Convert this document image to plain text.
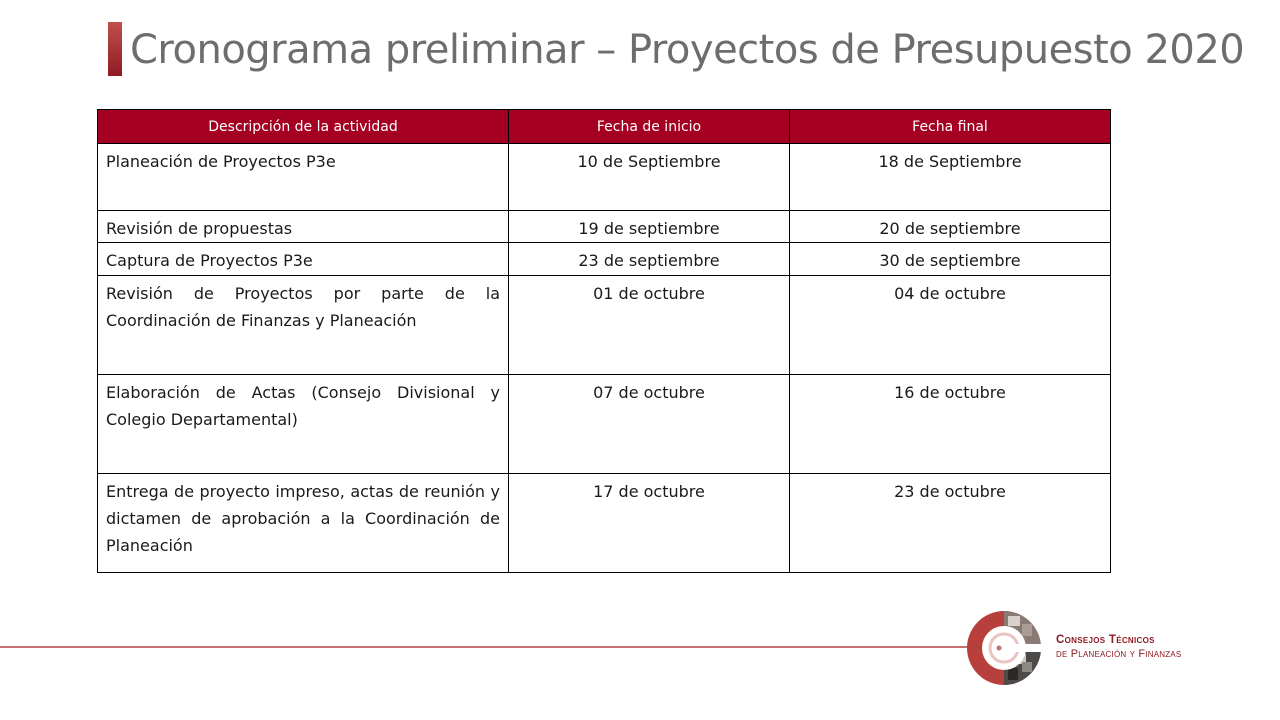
Cronograma preliminar – Proyectos de Presupuesto 2020
Descripción de la actividad	Fecha de inicio	Fecha final
Planeación de Proyectos P3e	10 de Septiembre	18 de Septiembre
Revisión de propuestas	19 de septiembre	20 de septiembre
Captura de Proyectos P3e	23 de septiembre	30 de septiembre
Revisión de Proyectos por parte de la Coordinación de Finanzas y Planeación	01 de octubre	04 de octubre
Elaboración de Actas (Consejo Divisional y Colegio Departamental)	07 de octubre	16 de octubre
Entrega de proyecto impreso, actas de reunión y dictamen de aprobación a la Coordinación de Planeación	17 de octubre	23 de octubre
Consejos Técnicos
de Planeación y Finanzas
